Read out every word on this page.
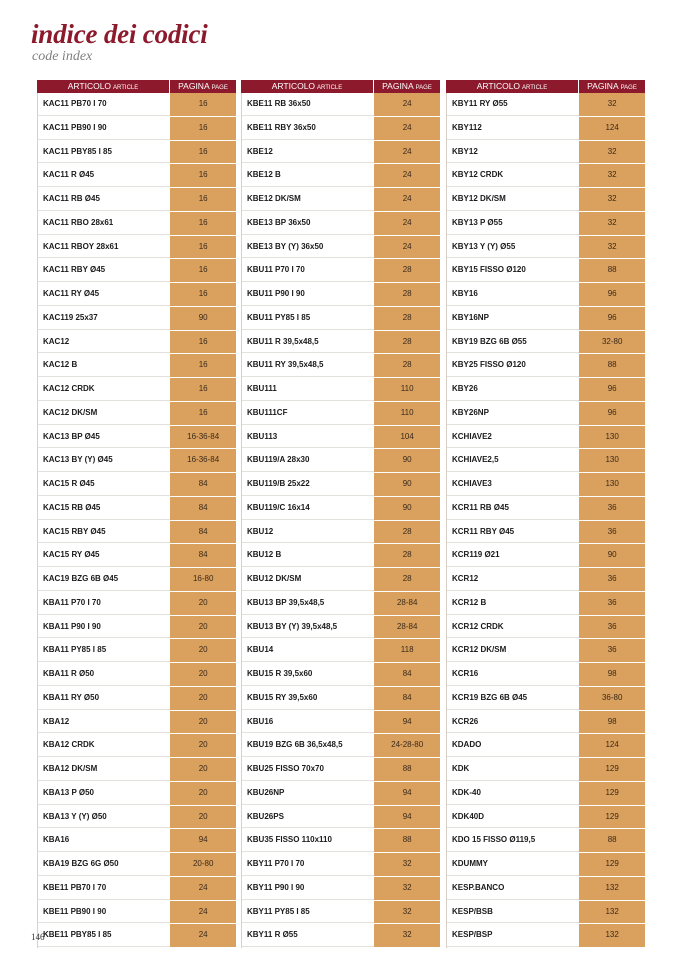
indice dei codici
code index
ARTICOLO ARTICLE	PAGINA PAGE
KAC11 PB70 I 70	16
KAC11 PB90 I 90	16
KAC11 PBY85 I 85	16
KAC11 R Ø45	16
KAC11 RB Ø45	16
KAC11 RBO 28x61	16
KAC11 RBOY 28x61	16
KAC11 RBY Ø45	16
KAC11 RY Ø45	16
KAC119 25x37	90
KAC12	16
KAC12 B	16
KAC12 CRDK	16
KAC12 DK/SM	16
KAC13 BP Ø45	16-36-84
KAC13 BY (Y) Ø45	16-36-84
KAC15 R Ø45	84
KAC15 RB Ø45	84
KAC15 RBY Ø45	84
KAC15 RY Ø45	84
KAC19 BZG 6B Ø45	16-80
KBA11 P70 I 70	20
KBA11 P90 I 90	20
KBA11 PY85 I 85	20
KBA11 R Ø50	20
KBA11 RY Ø50	20
KBA12	20
KBA12 CRDK	20
KBA12 DK/SM	20
KBA13 P Ø50	20
KBA13 Y (Y) Ø50	20
KBA16	94
KBA19 BZG 6G Ø50	20-80
KBE11 PB70 I 70	24
KBE11 PB90 I 90	24
KBE11 PBY85 I 85	24
ARTICOLO ARTICLE	PAGINA PAGE
KBE11 RB 36x50	24
KBE11 RBY 36x50	24
KBE12	24
KBE12 B	24
KBE12 DK/SM	24
KBE13 BP 36x50	24
KBE13 BY (Y) 36x50	24
KBU11 P70 I 70	28
KBU11 P90 I 90	28
KBU11 PY85 I 85	28
KBU11 R 39,5x48,5	28
KBU11 RY 39,5x48,5	28
KBU111	110
KBU111CF	110
KBU113	104
KBU119/A 28x30	90
KBU119/B 25x22	90
KBU119/C 16x14	90
KBU12	28
KBU12 B	28
KBU12 DK/SM	28
KBU13 BP 39,5x48,5	28-84
KBU13 BY (Y) 39,5x48,5	28-84
KBU14	118
KBU15 R 39,5x60	84
KBU15 RY 39,5x60	84
KBU16	94
KBU19 BZG 6B 36,5x48,5	24-28-80
KBU25 FISSO 70x70	88
KBU26NP	94
KBU26PS	94
KBU35 FISSO 110x110	88
KBY11 P70 I 70	32
KBY11 P90 I 90	32
KBY11 PY85 I 85	32
KBY11 R Ø55	32
ARTICOLO ARTICLE	PAGINA PAGE
KBY11 RY Ø55	32
KBY112	124
KBY12	32
KBY12 CRDK	32
KBY12 DK/SM	32
KBY13 P Ø55	32
KBY13 Y (Y) Ø55	32
KBY15 FISSO Ø120	88
KBY16	96
KBY16NP	96
KBY19 BZG 6B Ø55	32-80
KBY25 FISSO Ø120	88
KBY26	96
KBY26NP	96
KCHIAVE2	130
KCHIAVE2,5	130
KCHIAVE3	130
KCR11 RB Ø45	36
KCR11 RBY Ø45	36
KCR119 Ø21	90
KCR12	36
KCR12 B	36
KCR12 CRDK	36
KCR12 DK/SM	36
KCR16	98
KCR19 BZG 6B Ø45	36-80
KCR26	98
KDADO	124
KDK	129
KDK-40	129
KDK40D	129
KDO 15 FISSO Ø119,5	88
KDUMMY	129
KESP.BANCO	132
KESP/BSB	132
KESP/BSP	132
146
